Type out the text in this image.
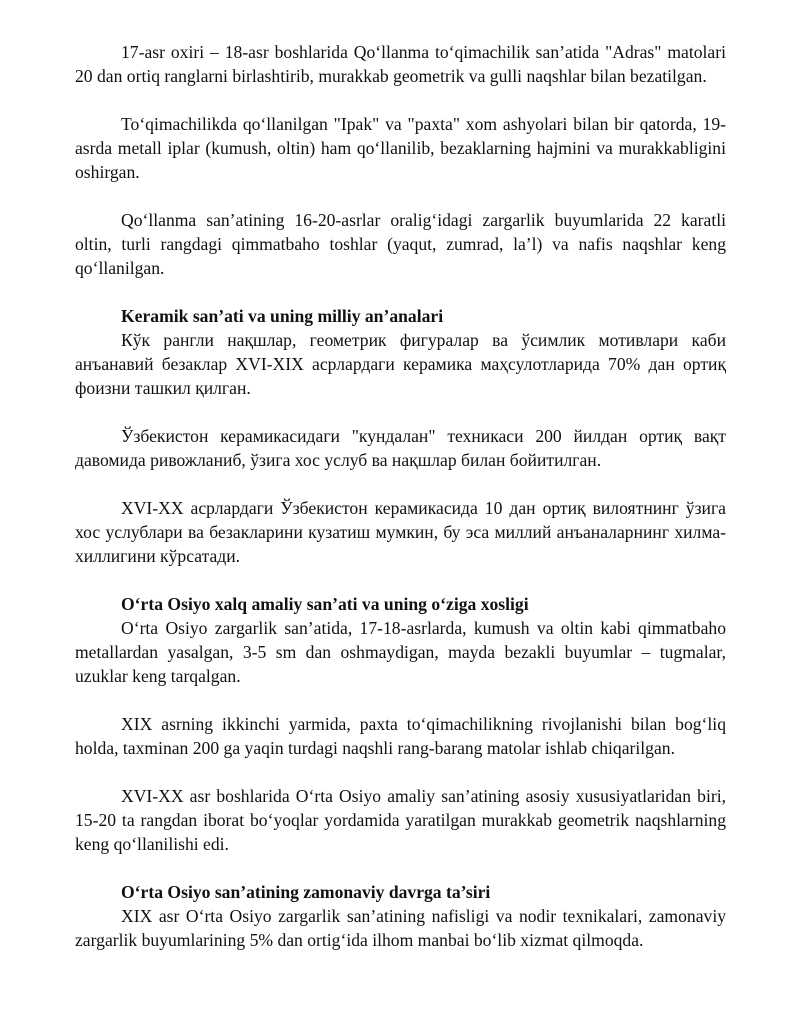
17-asr oxiri – 18-asr boshlarida Qo‘llanma to‘qimachilik san’atida "Adras" matolari 20 dan ortiq ranglarni birlashtirib, murakkab geometrik va gulli naqshlar bilan bezatilgan.

To‘qimachilikda qo‘llanilgan "Ipak" va "paxta" xom ashyolari bilan bir qatorda, 19-asrda metall iplar (kumush, oltin) ham qo‘llanilib, bezaklarning hajmini va murakkabligini oshirgan.

Qo‘llanma san’atining 16-20-asrlar oralig‘idagi zargarlik buyumlarida 22 karatli oltin, turli rangdagi qimmatbaho toshlar (yaqut, zumrad, la’l) va nafis naqshlar keng qo‘llanilgan.

Keramik san’ati va uning milliy an’analari

Кўк рангли нақшлар, геометрик фигуралар ва ўсимлик мотивлари каби анъанавий безаклар XVI-XIX асрлардаги керамика маҳсулотларида 70% дан ортиқ фоизни ташкил қилган.

Ўзбекистон керамикасидаги "кундалан" техникаси 200 йилдан ортиқ вақт давомида ривожланиб, ўзига хос услуб ва нақшлар билан бойитилган.

XVI-XX асрлардаги Ўзбекистон керамикасида 10 дан ортиқ вилоятнинг ўзига хос услублари ва безакларини кузатиш мумкин, бу эса миллий анъаналарнинг хилма-хиллигини кўрсатади.

O‘rta Osiyo xalq amaliy san’ati va uning o‘ziga xosligi

O‘rta Osiyo zargarlik san’atida, 17-18-asrlarda, kumush va oltin kabi qimmatbaho metallardan yasalgan, 3-5 sm dan oshmaydigan, mayda bezakli buyumlar – tugmalar, uzuklar keng tarqalgan.

XIX asrning ikkinchi yarmida, paxta to‘qimachilikning rivojlanishi bilan bog‘liq holda, taxminan 200 ga yaqin turdagi naqshli rang-barang matolar ishlab chiqarilgan.

XVI-XX asr boshlarida O‘rta Osiyo amaliy san’atining asosiy xususiyatlaridan biri, 15-20 ta rangdan iborat bo‘yoqlar yordamida yaratilgan murakkab geometrik naqshlarning keng qo‘llanilishi edi.

O‘rta Osiyo san’atining zamonaviy davrga ta’siri

XIX asr O‘rta Osiyo zargarlik san’atining nafisligi va nodir texnikalari, zamonaviy zargarlik buyumlarining 5% dan ortig‘ida ilhom manbai bo‘lib xizmat qilmoqda.
